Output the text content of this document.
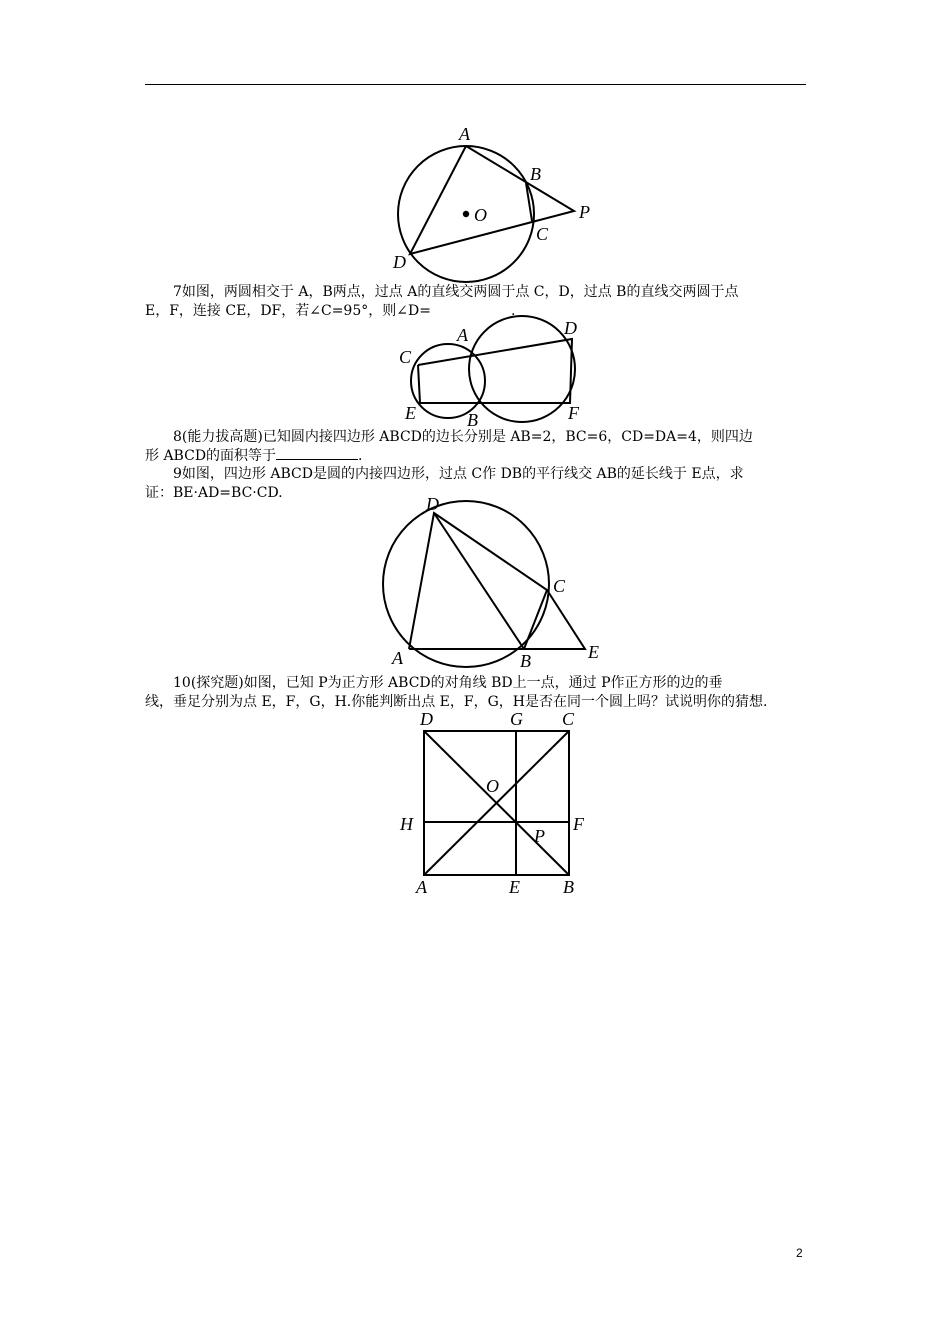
A
B
C
D
O	P
7如图，两圆相交于 A，B两点，过点 A的直线交两圆于点 C，D，过点 B的直线交两圆于点
E，F，连接 CE，DF，若∠C=95°，则∠D=	.
A
B
C
D
E	F
8(能力拔高题)已知圆内接四边形 ABCD的边长分别是 AB=2，BC=6，CD=DA=4，则四边
形 ABCD的面积等于	.
9如图，四边形 ABCD是圆的内接四边形，过点 C作 DB的平行线交 AB的延长线于 E点，求
证：BE·AD=BC·CD.
A	B
C
D
E
10(探究题)如图，已知 P为正方形 ABCD的对角线 BD上一点，通过 P作正方形的边的垂
线，垂足分别为点 E，F，G，H.你能判断出点 E，F，G，H是否在同一个圆上吗？试说明你的猜想.
D	G C
O
H	F
P
A	E B
2
